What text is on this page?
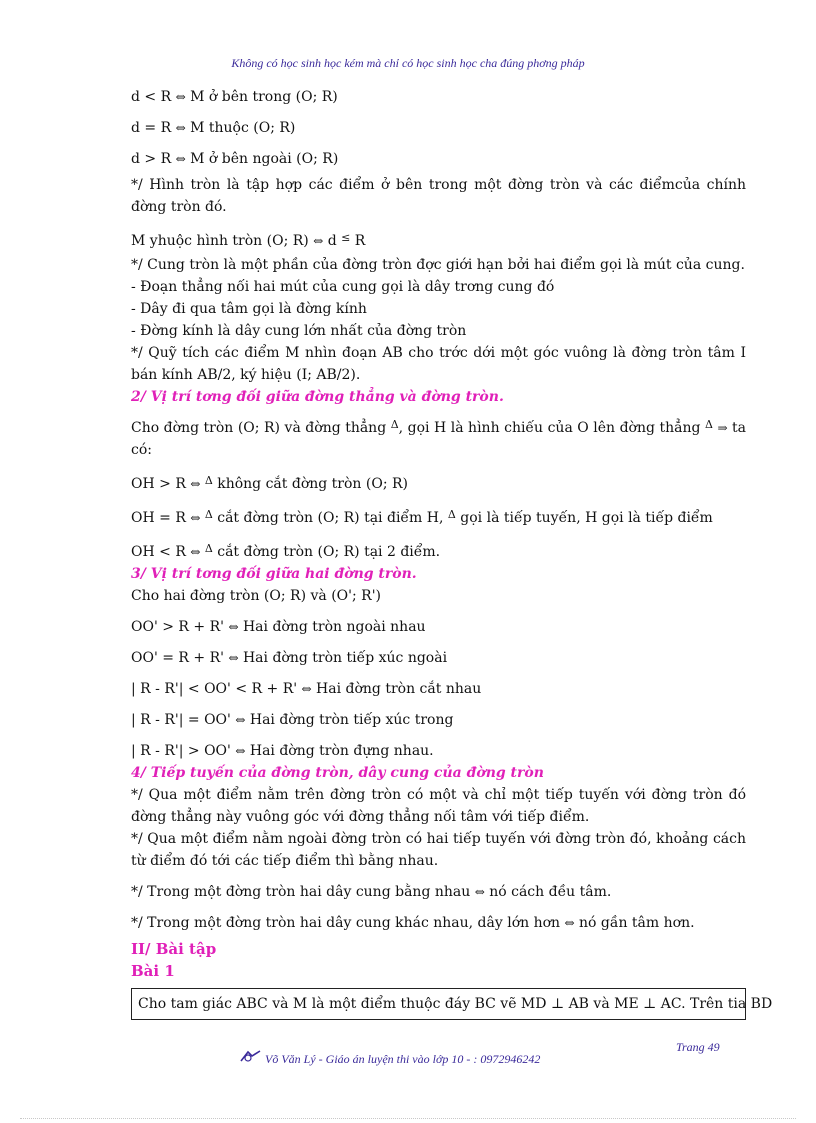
Không có học sinh học kém mà chỉ có học sinh học cha đúng phơng pháp
d < R ⇔ M ở bên trong (O; R)
d = R ⇔ M thuộc (O; R)
d > R ⇔ M ở bên ngoài (O; R)
*/ Hình tròn là tập hợp các điểm ở bên trong một đờng tròn và các điểmcủa chính đờng tròn đó.
M yhuộc hình tròn (O; R) ⇔ d ≤ R
*/ Cung tròn là một phần của đờng tròn đợc giới hạn bởi hai điểm gọi là mút của cung.
- Đoạn thẳng nối hai mút của cung gọi là dây trơng cung đó
- Dây đi qua tâm gọi là đờng kính
- Đờng kính là dây cung lớn nhất của đờng tròn
*/ Quỹ tích các điểm M nhìn đoạn AB cho trớc dới một góc vuông là đờng tròn tâm I bán kính AB/2, ký hiệu (I; AB/2).
2/ Vị trí tơng đối giữa đờng thẳng và đờng tròn.
Cho đờng tròn (O; R) và đờng thẳng $^\Delta$, gọi H là hình chiếu của O lên đờng thẳng $^\Delta$ ⇒ ta có:
OH > R ⇔ $^\Delta$ không cắt đờng tròn (O; R)
OH = R ⇔ $^\Delta$ cắt đờng tròn (O; R) tại điểm H, $^\Delta$ gọi là tiếp tuyến, H gọi là tiếp điểm
OH < R ⇔ $^\Delta$ cắt đờng tròn (O; R) tại 2 điểm.
3/ Vị trí tơng đối giữa hai đờng tròn.
Cho hai đờng tròn (O; R) và (O'; R')
OO' > R + R' ⇔ Hai đờng tròn ngoài nhau
OO' = R + R' ⇔ Hai đờng tròn tiếp xúc ngoài
| R - R'| < OO' < R + R' ⇔ Hai đờng tròn cắt nhau
| R - R'| = OO' ⇔ Hai đờng tròn tiếp xúc trong
| R - R'| > OO' ⇔ Hai đờng tròn đựng nhau.
4/ Tiếp tuyến của đờng tròn, dây cung của đờng tròn
*/ Qua một điểm nằm trên đờng tròn có một và chỉ một tiếp tuyến với đờng tròn đó đờng thẳng này vuông góc với đờng thẳng nối tâm với tiếp điểm.
*/ Qua một điểm nằm ngoài đờng tròn có hai tiếp tuyến với đờng tròn đó, khoảng cách từ điểm đó tới các tiếp điểm thì bằng nhau.
*/ Trong một đờng tròn hai dây cung bằng nhau ⇔ nó cách đều tâm.
*/ Trong một đờng tròn hai dây cung khác nhau, dây lớn hơn ⇔ nó gần tâm hơn.
II/ Bài tập
Bài 1
Cho tam giác ABC và M là một điểm thuộc đáy BC vẽ MD ⊥ AB và ME ⊥ AC. Trên tia BD
Võ Văn Lý - Giáo án luyện thi vào lớp 10 - : 0972946242
Trang 49
